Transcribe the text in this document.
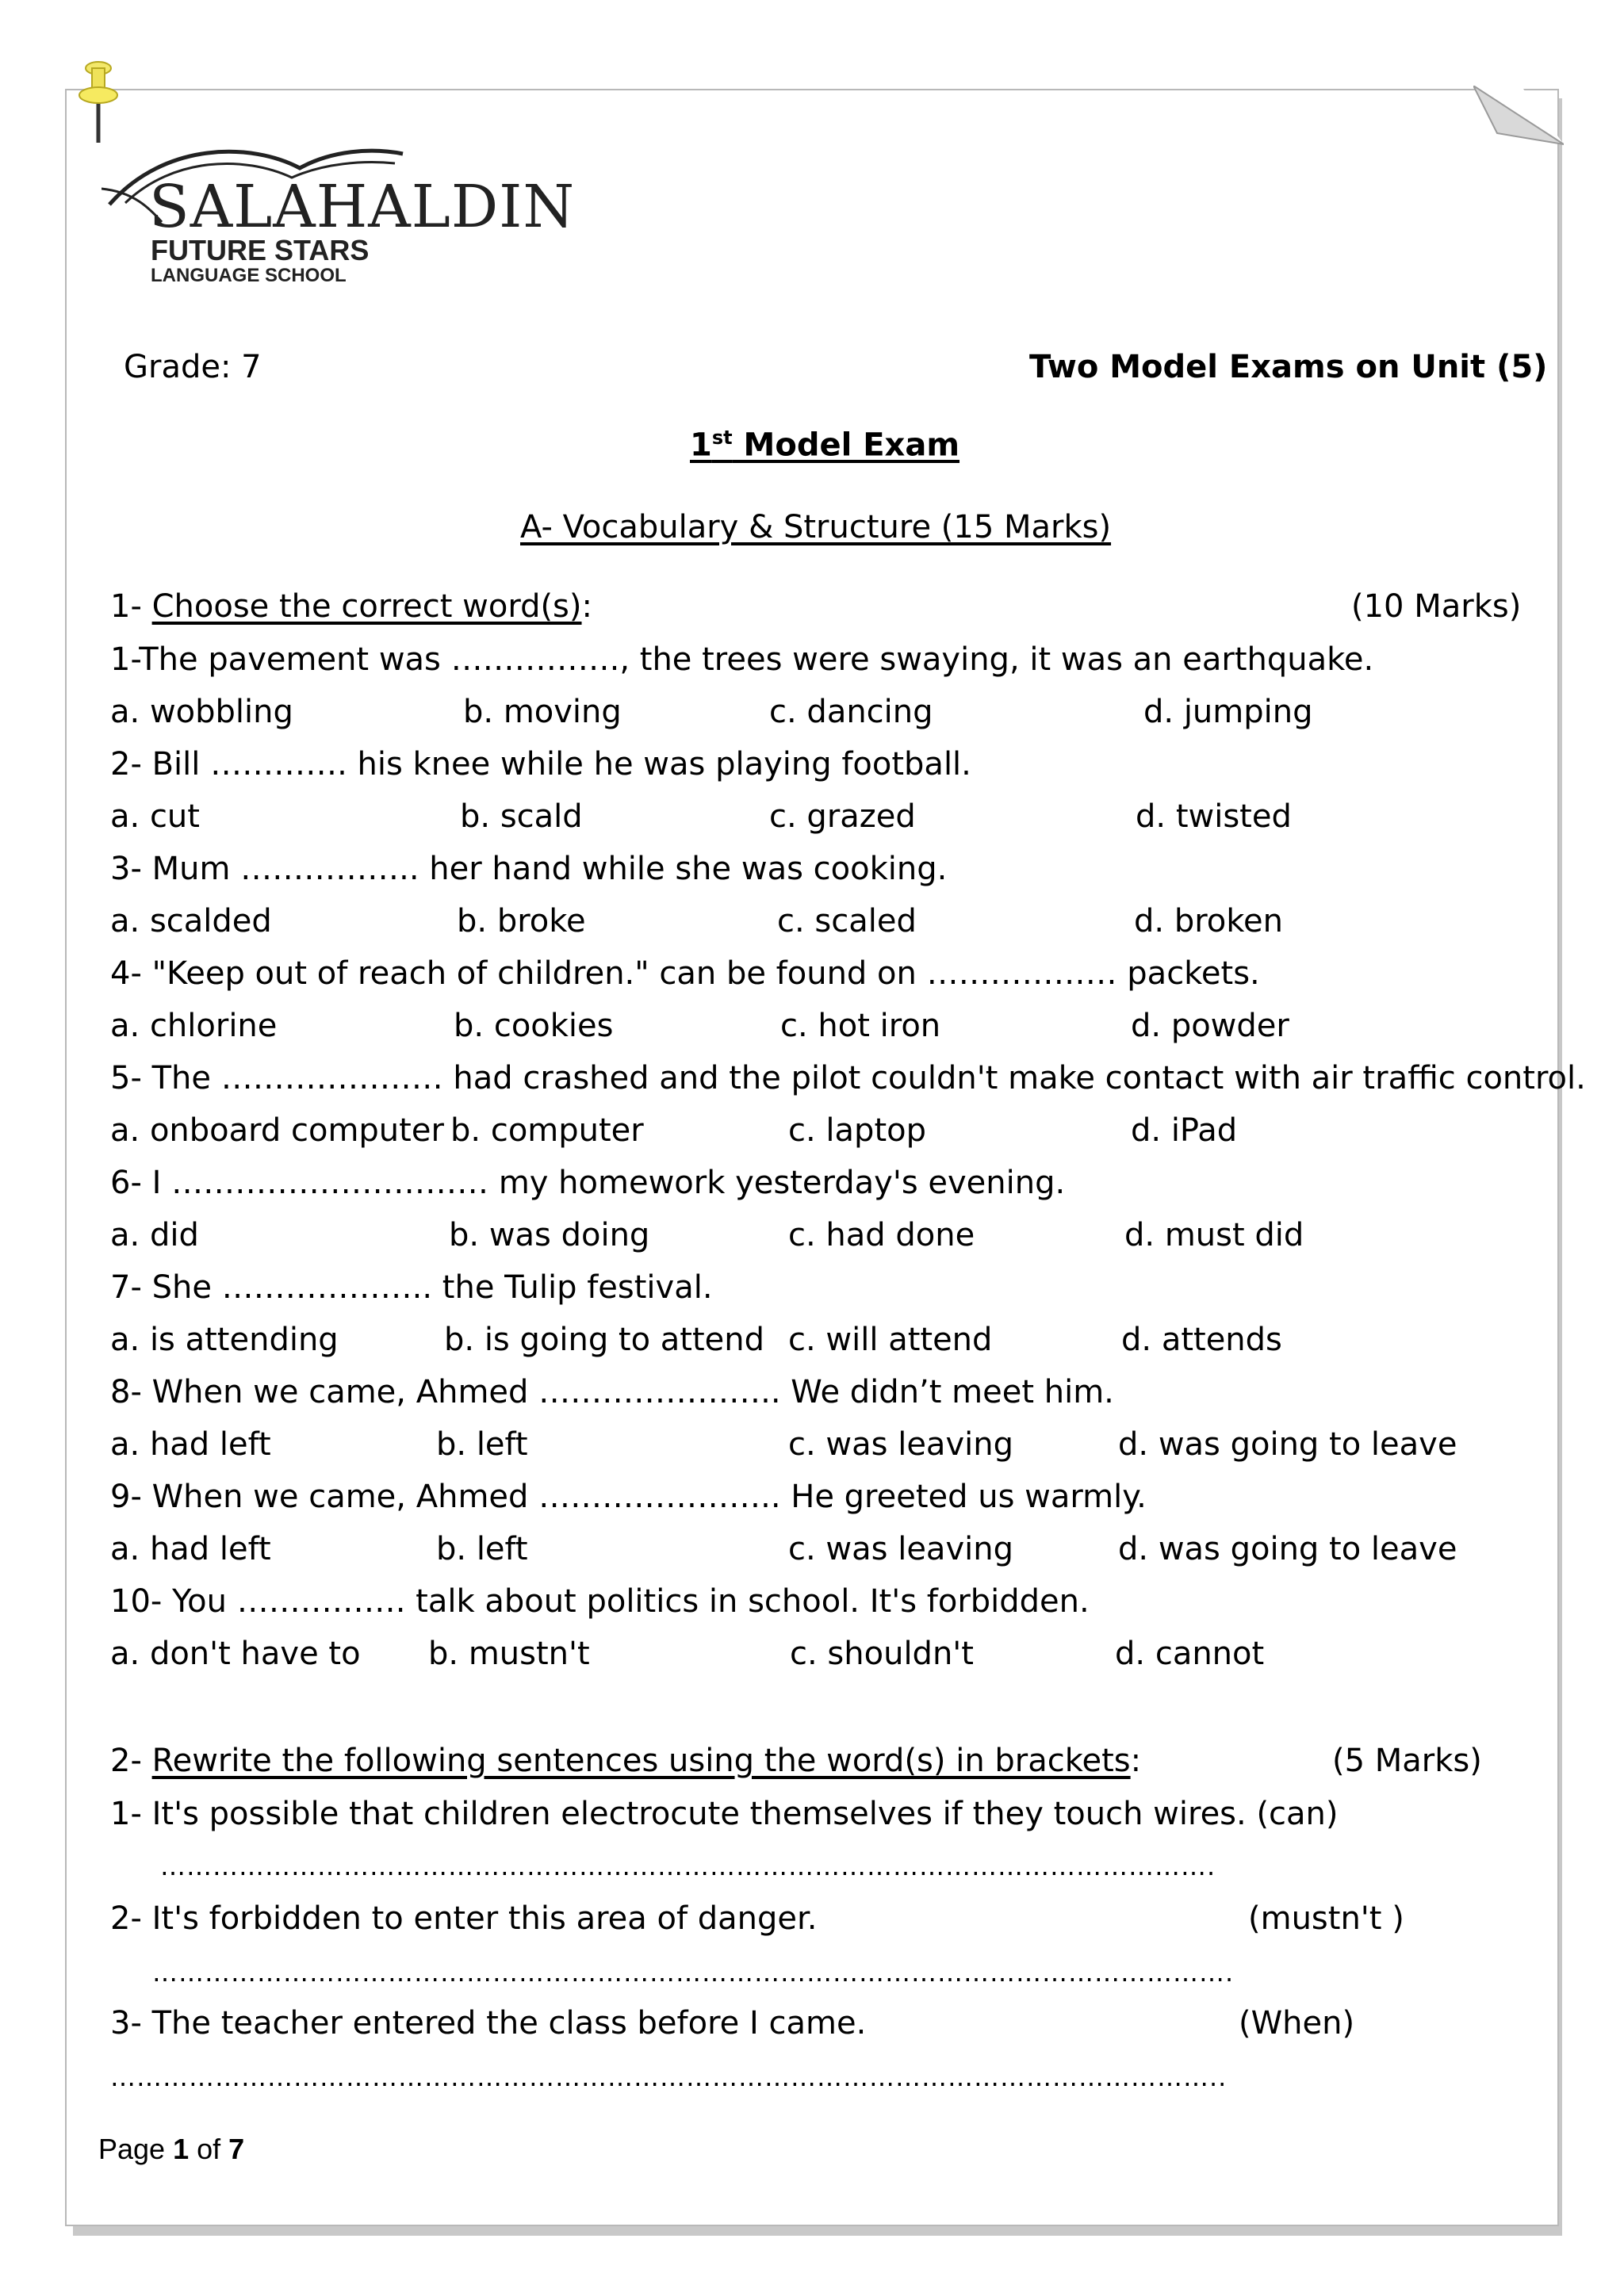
SALAHALDIN
FUTURE STARS
LANGUAGE SCHOOL
Grade: 7	Two Model Exams on Unit (5)
1st Model Exam
A- Vocabulary & Structure (15 Marks)
1- Choose the correct word(s):	(10 Marks)
1-The pavement was ……………., the trees were swaying, it was an earthquake.
a. wobbling	b. moving	c. dancing	d. jumping
2- Bill …………. his knee while he was playing football.
a. cut	b. scald	c. grazed	d. twisted
3- Mum …………….. her hand while she was cooking.
a. scalded	b. broke	c. scaled	d. broken
4- "Keep out of reach of children." can be found on ……………… packets.
a. chlorine	b. cookies	c. hot iron	d. powder
5- The ………………… had crashed and the pilot couldn't make contact with air traffic control.
a. onboard computer b. computer	c. laptop	d. iPad
6- I ………………………… my homework yesterday's evening.
a. did	b. was doing	c. had done	d. must did
7- She ……………….. the Tulip festival.
a. is attending	b. is going to attend c. will attend	d. attends
8- When we came, Ahmed ………………….. We didn’t meet him.
a. had left	b. left	c. was leaving	d. was going to leave
9- When we came, Ahmed ………………….. He greeted us warmly.
a. had left	b. left	c. was leaving	d. was going to leave
10- You ……………. talk about politics in school. It's forbidden.
a. don't have to b. mustn't	c. shouldn't	d. cannot
2- Rewrite the following sentences using the word(s) in brackets:	(5 Marks)
1- It's possible that children electrocute themselves if they touch wires. (can)
………………………………………………………………………………………………………….
2- It's forbidden to enter this area of danger.	(mustn't )
…………………………………………………………………………………………………………….
3- The teacher entered the class before I came.	(When)
………………………………………………………………………………………………………………..
Page 1 of 7
